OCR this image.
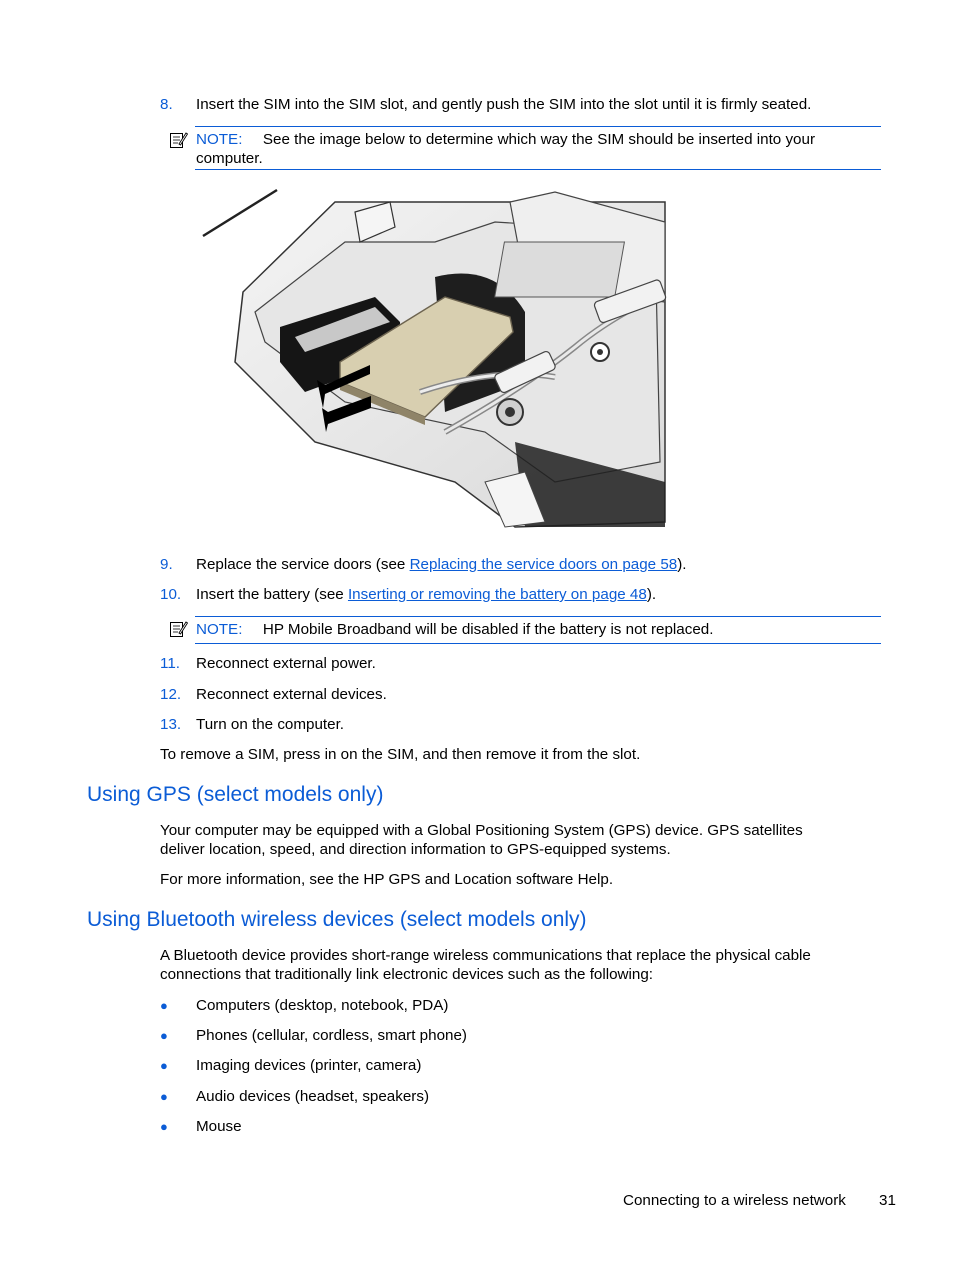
8. Insert the SIM into the SIM slot, and gently push the SIM into the slot until it is firmly seated.
NOTE: See the image below to determine which way the SIM should be inserted into your
computer.
9. Replace the service doors (see Replacing the service doors on page 58).
10. Insert the battery (see Inserting or removing the battery on page 48).
NOTE: HP Mobile Broadband will be disabled if the battery is not replaced.
11. Reconnect external power.
12. Reconnect external devices.
13. Turn on the computer.
To remove a SIM, press in on the SIM, and then remove it from the slot.
Using GPS (select models only)
Your computer may be equipped with a Global Positioning System (GPS) device. GPS satellites
deliver location, speed, and direction information to GPS-equipped systems.
For more information, see the HP GPS and Location software Help.
Using Bluetooth wireless devices (select models only)
A Bluetooth device provides short-range wireless communications that replace the physical cable
connections that traditionally link electronic devices such as the following:
● Computers (desktop, notebook, PDA)
● Phones (cellular, cordless, smart phone)
● Imaging devices (printer, camera)
● Audio devices (headset, speakers)
● Mouse
Connecting to a wireless network 31
